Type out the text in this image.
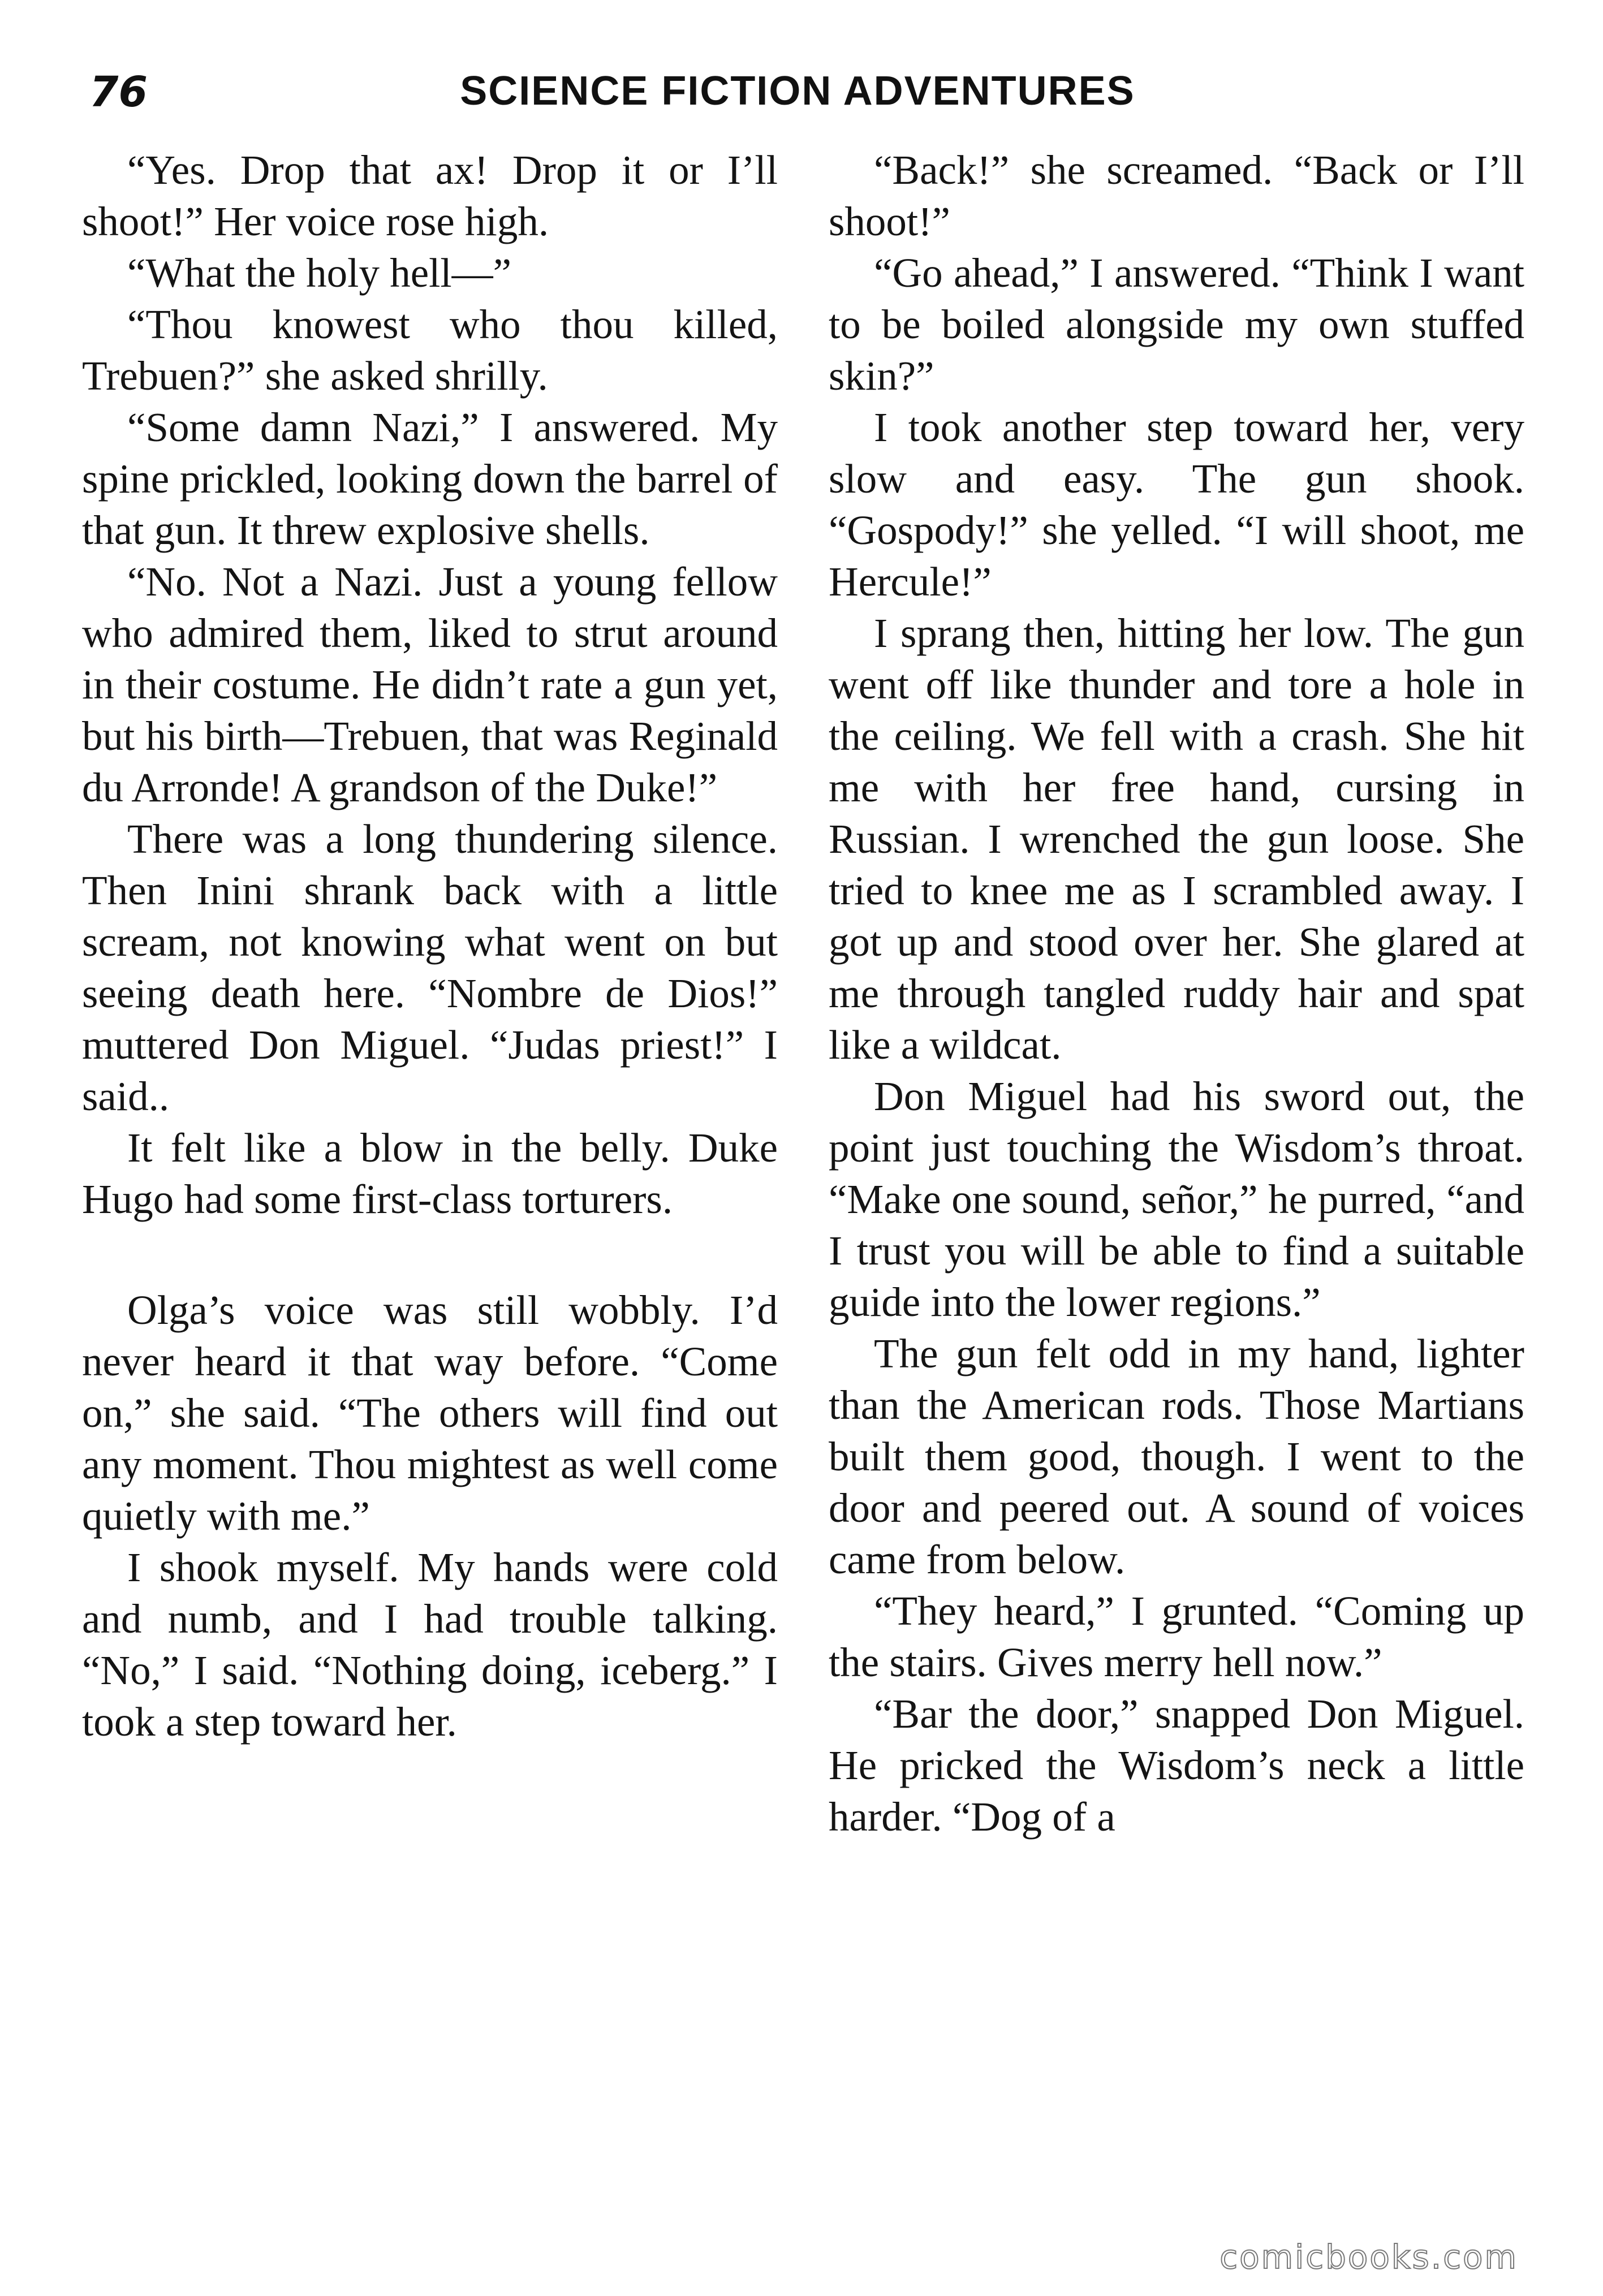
76	SCIENCE FICTION ADVENTURES

“Yes. Drop that ax! Drop it or I’ll shoot!” Her voice rose high.

“What the holy hell—”

“Thou knowest who thou killed, Trebuen?” she asked shrilly.

“Some damn Nazi,” I answered. My spine prickled, looking down the barrel of that gun. It threw explosive shells.

“No. Not a Nazi. Just a young fellow who admired them, liked to strut around in their costume. He didn’t rate a gun yet, but his birth—Trebuen, that was Reginald du Arronde! A grandson of the Duke!”

There was a long thundering silence. Then Inini shrank back with a little scream, not knowing what went on but seeing death here. “Nombre de Dios!” muttered Don Miguel. “Judas priest!” I said..

It felt like a blow in the belly. Duke Hugo had some first-class torturers.

Olga’s voice was still wobbly. I’d never heard it that way before. “Come on,” she said. “The others will find out any moment. Thou mightest as well come quietly with me.”

I shook myself. My hands were cold and numb, and I had trouble talking. “No,” I said. “Nothing doing, iceberg.” I took a step toward her.

“Back!” she screamed. “Back or I’ll shoot!”

“Go ahead,” I answered. “Think I want to be boiled alongside my own stuffed skin?”

I took another step toward her, very slow and easy. The gun shook. “Gospody!” she yelled. “I will shoot, me Hercule!”

I sprang then, hitting her low. The gun went off like thunder and tore a hole in the ceiling. We fell with a crash. She hit me with her free hand, cursing in Russian. I wrenched the gun loose. She tried to knee me as I scrambled away. I got up and stood over her. She glared at me through tangled ruddy hair and spat like a wildcat.

Don Miguel had his sword out, the point just touching the Wisdom’s throat. “Make one sound, señor,” he purred, “and I trust you will be able to find a suitable guide into the lower regions.”

The gun felt odd in my hand, lighter than the American rods. Those Martians built them good, though. I went to the door and peered out. A sound of voices came from below.

“They heard,” I grunted. “Coming up the stairs. Gives merry hell now.”

“Bar the door,” snapped Don Miguel. He pricked the Wisdom’s neck a little harder. “Dog of a

comicbooks.com
